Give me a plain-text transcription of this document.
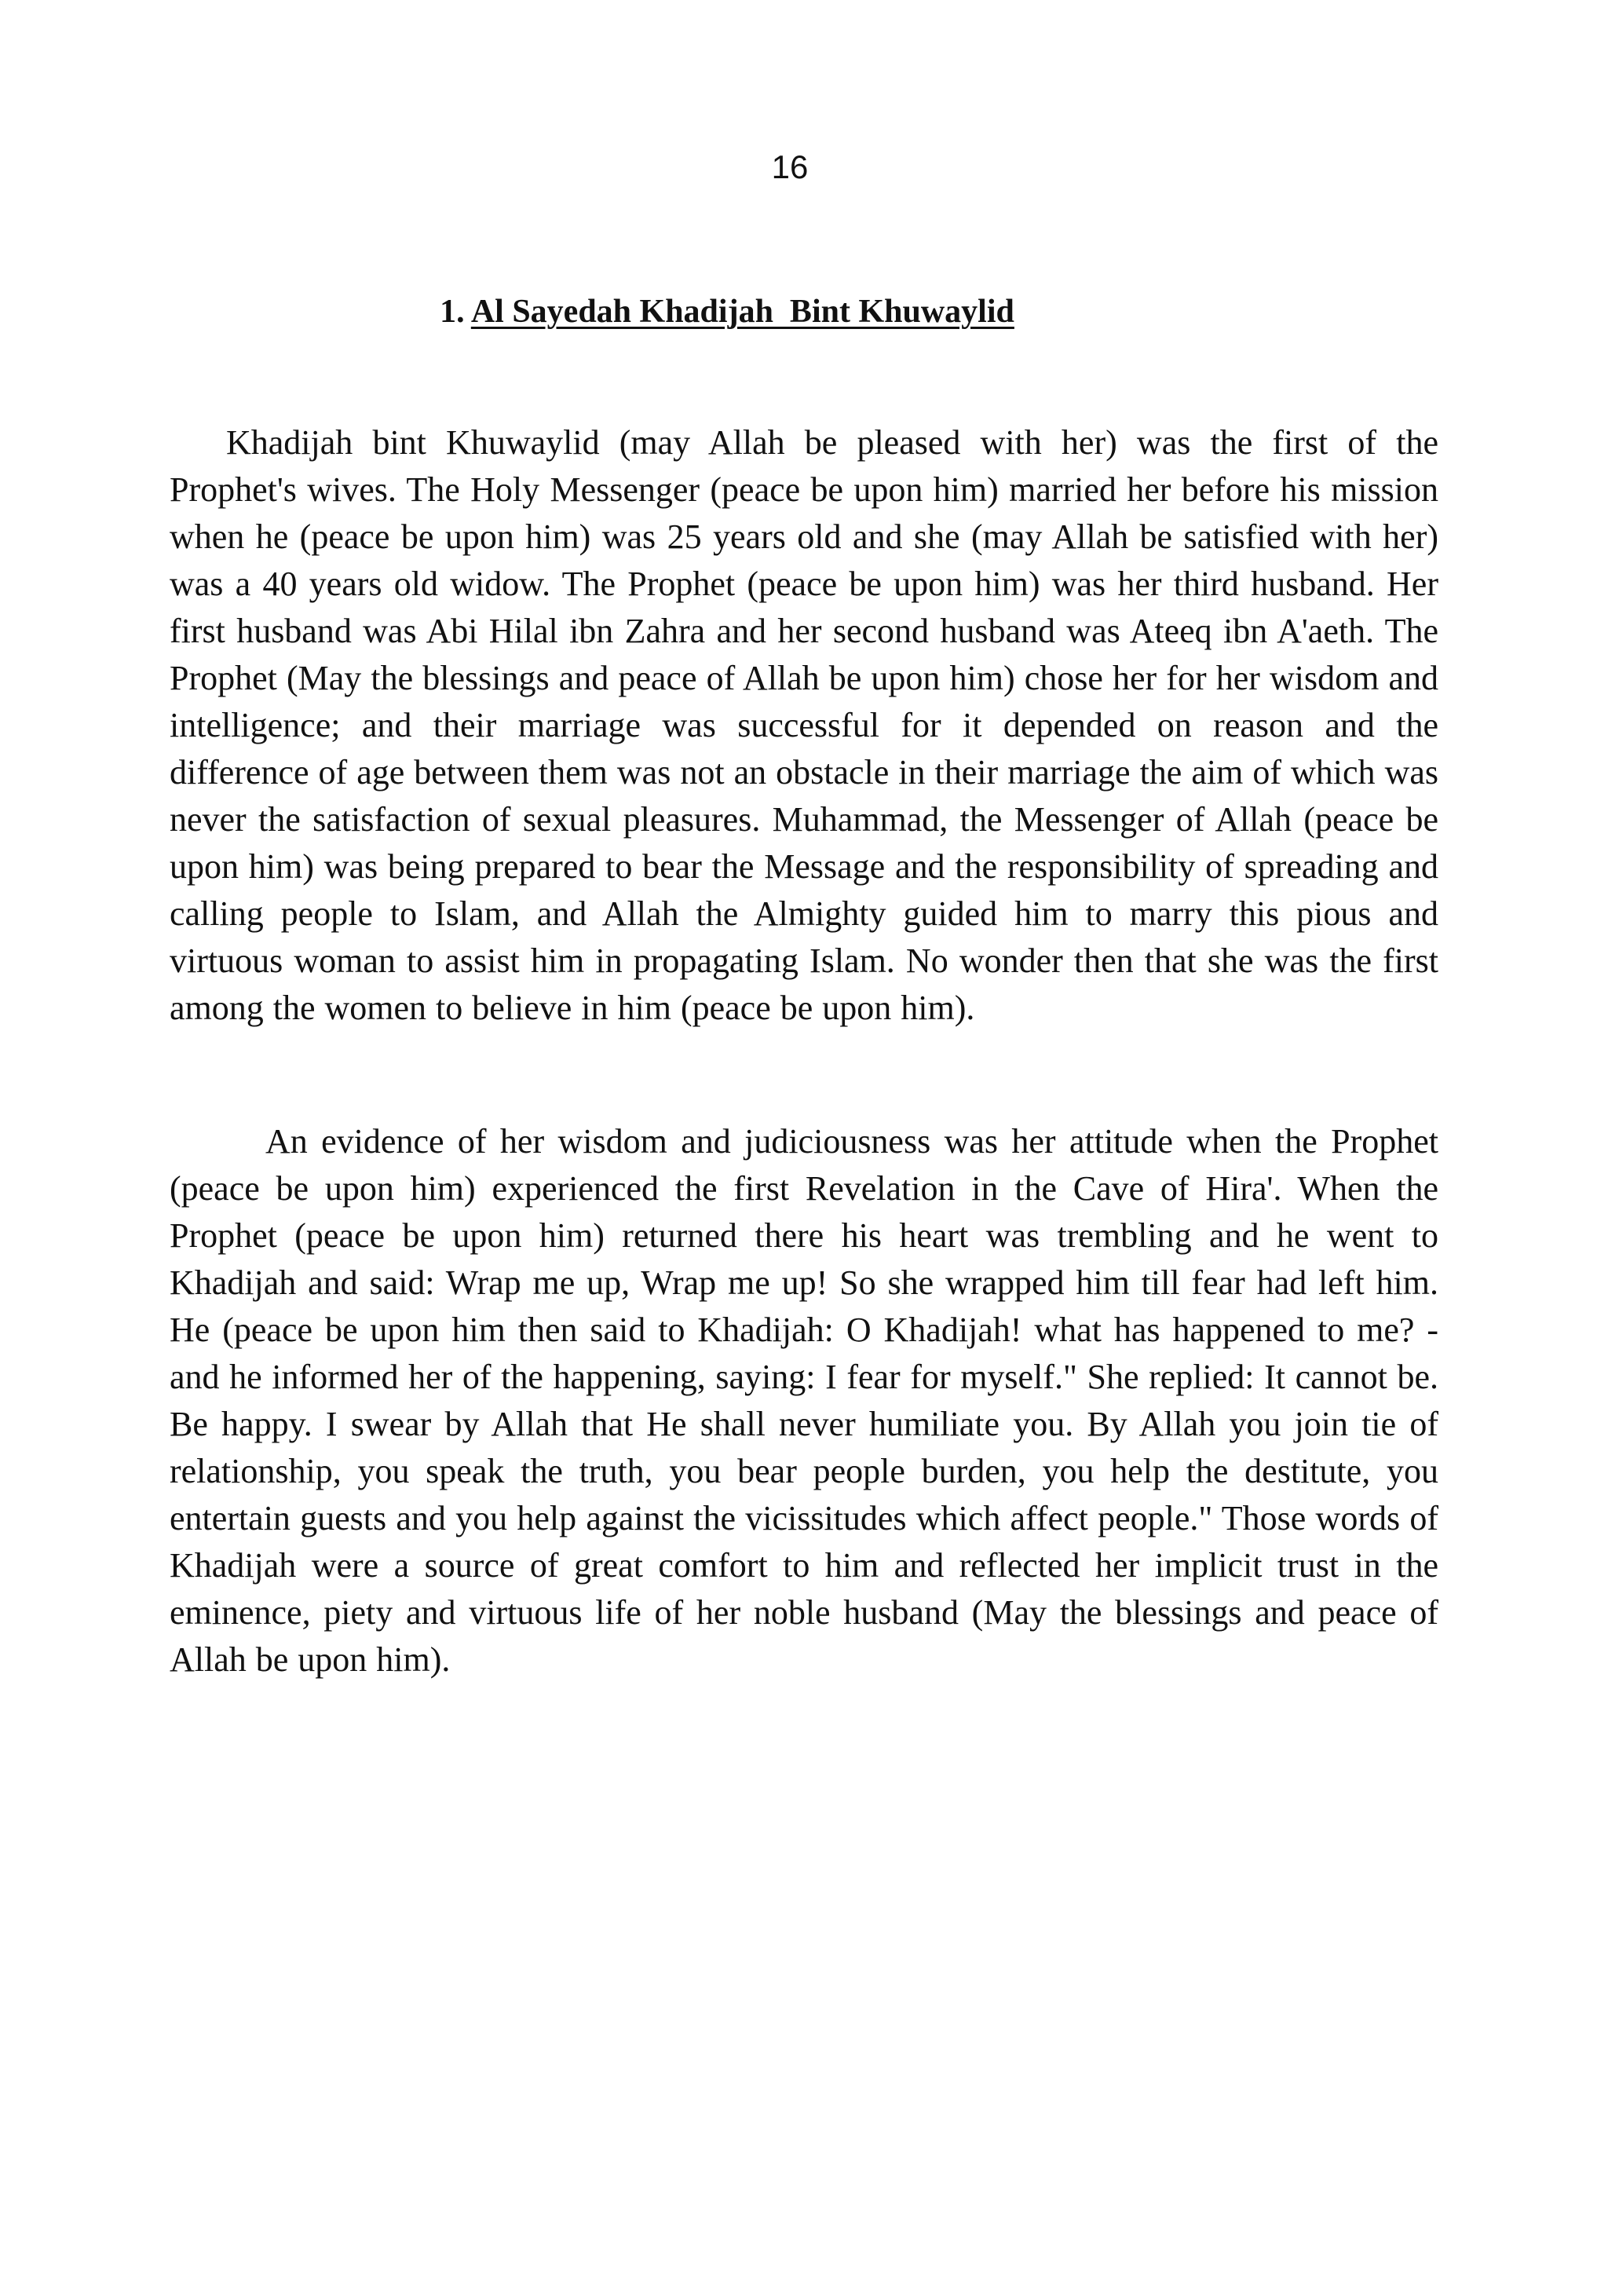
16
1. Al Sayedah Khadijah  Bint Khuwaylid

Khadijah bint Khuwaylid (may Allah be pleased with her) was the first of the Prophet's wives. The Holy Messenger (peace be upon him) married her before his mission when he (peace be upon him) was 25 years old and she (may Allah be satisfied with her) was a 40 years old widow. The Prophet (peace be upon him) was her third husband. Her first husband was Abi Hilal ibn Zahra and her second husband was Ateeq ibn A'aeth. The Prophet (May the blessings and peace of Allah be upon him) chose her for her wisdom and intelligence; and their marriage was successful for it depended on reason and the difference of age between them was not an obstacle in their marriage the aim of which was never the satisfaction of sexual pleasures. Muhammad, the Messenger of Allah (peace be upon him) was being prepared to bear the Message and the responsibility of spreading and calling people to Islam, and Allah the Almighty guided him to marry this pious and virtuous woman to assist him in propagating Islam. No wonder then that she was the first among the women to believe in him (peace be upon him).

An evidence of her wisdom and judiciousness was her attitude when the Prophet (peace be upon him) experienced the first Revelation in the Cave of Hira'. When the Prophet (peace be upon him) returned there his heart was trembling and he went to Khadijah and said: Wrap me up, Wrap me up! So she wrapped him till fear had left him. He (peace be upon him then said to Khadijah: O Khadijah! what has happened to me? - and he informed her of the happening, saying: I fear for myself." She replied: It cannot be. Be happy. I swear by Allah that He shall never humiliate you. By Allah you join tie of relationship, you speak the truth, you bear people burden, you help the destitute, you entertain guests and you help against the vicissitudes which affect people." Those words of Khadijah were a source of great comfort to him and reflected her implicit trust in the eminence, piety and virtuous life of her noble husband (May the blessings and peace of Allah be upon him).
